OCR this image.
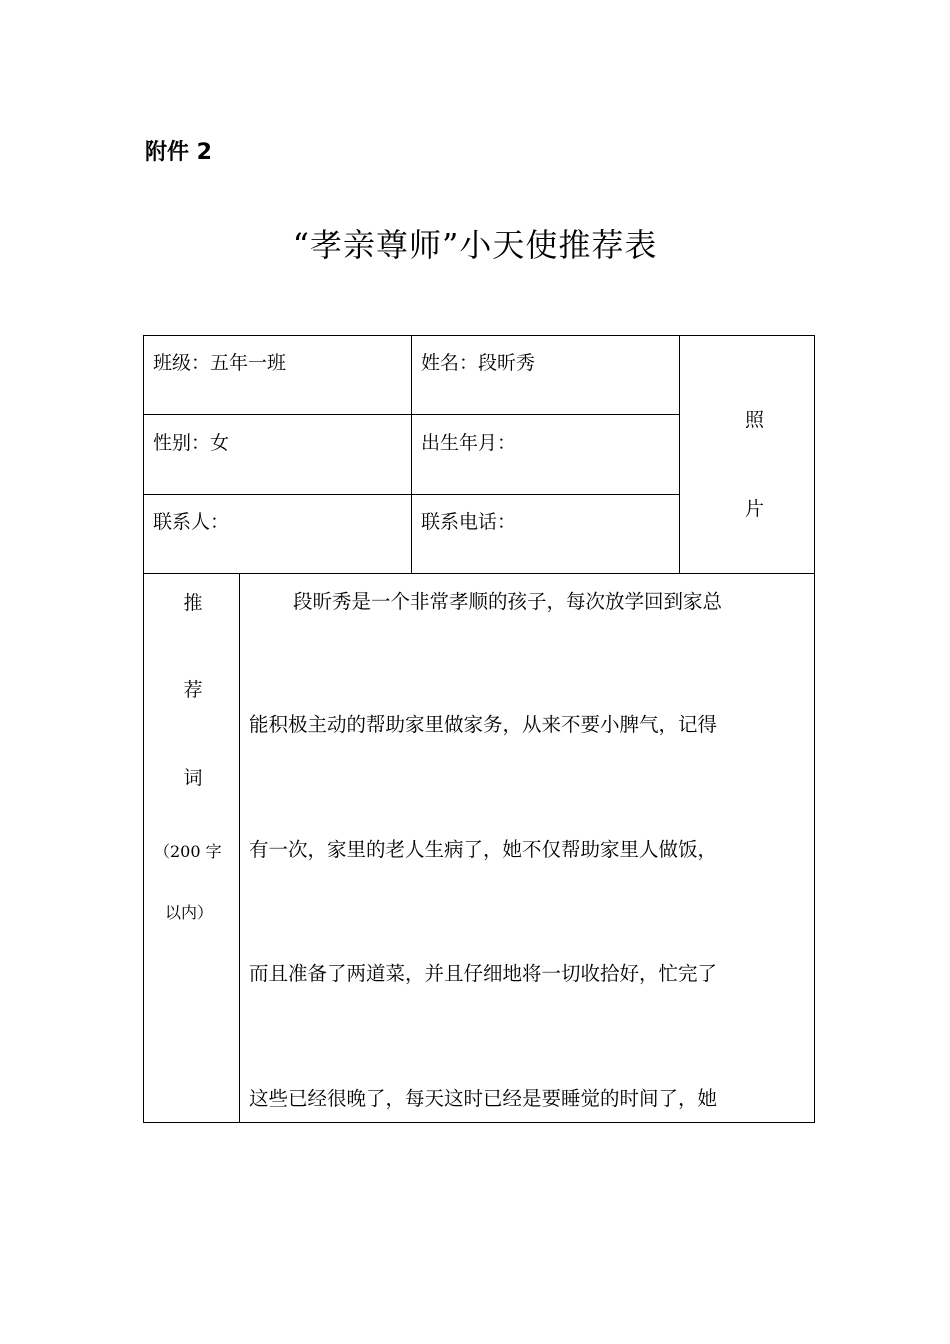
附件 2
“孝亲尊师”小天使推荐表
班级：五年一班	姓名：段昕秀
性别：女	出生年月：
联系人：	联系电话：
照
片
推
荐
词
（200 字
以内）
段昕秀是一个非常孝顺的孩子，每次放学回到家总
能积极主动的帮助家里做家务，从来不要小脾气，记得
有一次，家里的老人生病了，她不仅帮助家里人做饭，
而且准备了两道菜，并且仔细地将一切收拾好，忙完了
这些已经很晚了，每天这时已经是要睡觉的时间了，她
